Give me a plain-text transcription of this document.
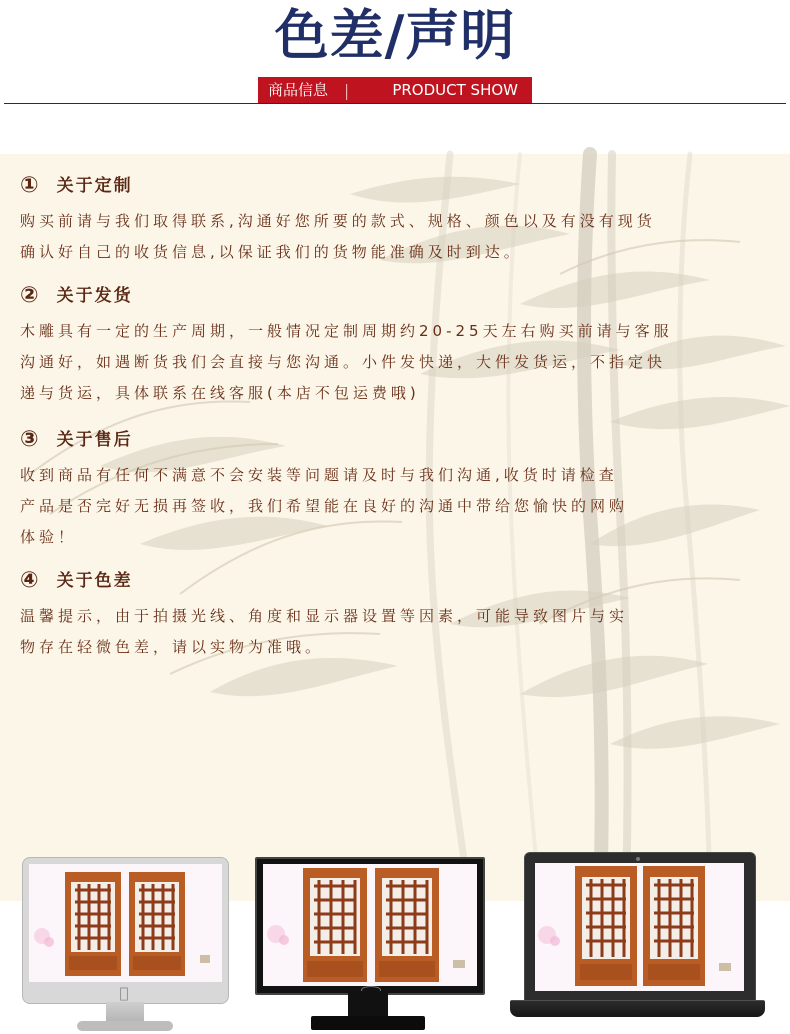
色差/声明
商品信息 |	PRODUCT SHOW
① 关于定制
购买前请与我们取得联系,沟通好您所要的款式、规格、颜色以及有没有现货
确认好自己的收货信息,以保证我们的货物能准确及时到达。
② 关于发货
木雕具有一定的生产周期，一般情况定制周期约20-25天左右购买前请与客服
沟通好，如遇断货我们会直接与您沟通。小件发快递，大件发货运，不指定快
递与货运，具体联系在线客服(本店不包运费哦)
③ 关于售后
收到商品有任何不满意不会安装等问题请及时与我们沟通,收货时请检查
产品是否完好无损再签收，我们希望能在良好的沟通中带给您愉快的网购
体验！
④ 关于色差
温馨提示，由于拍摄光线、角度和显示器设置等因素，可能导致图片与实
物存在轻微色差，请以实物为准哦。
